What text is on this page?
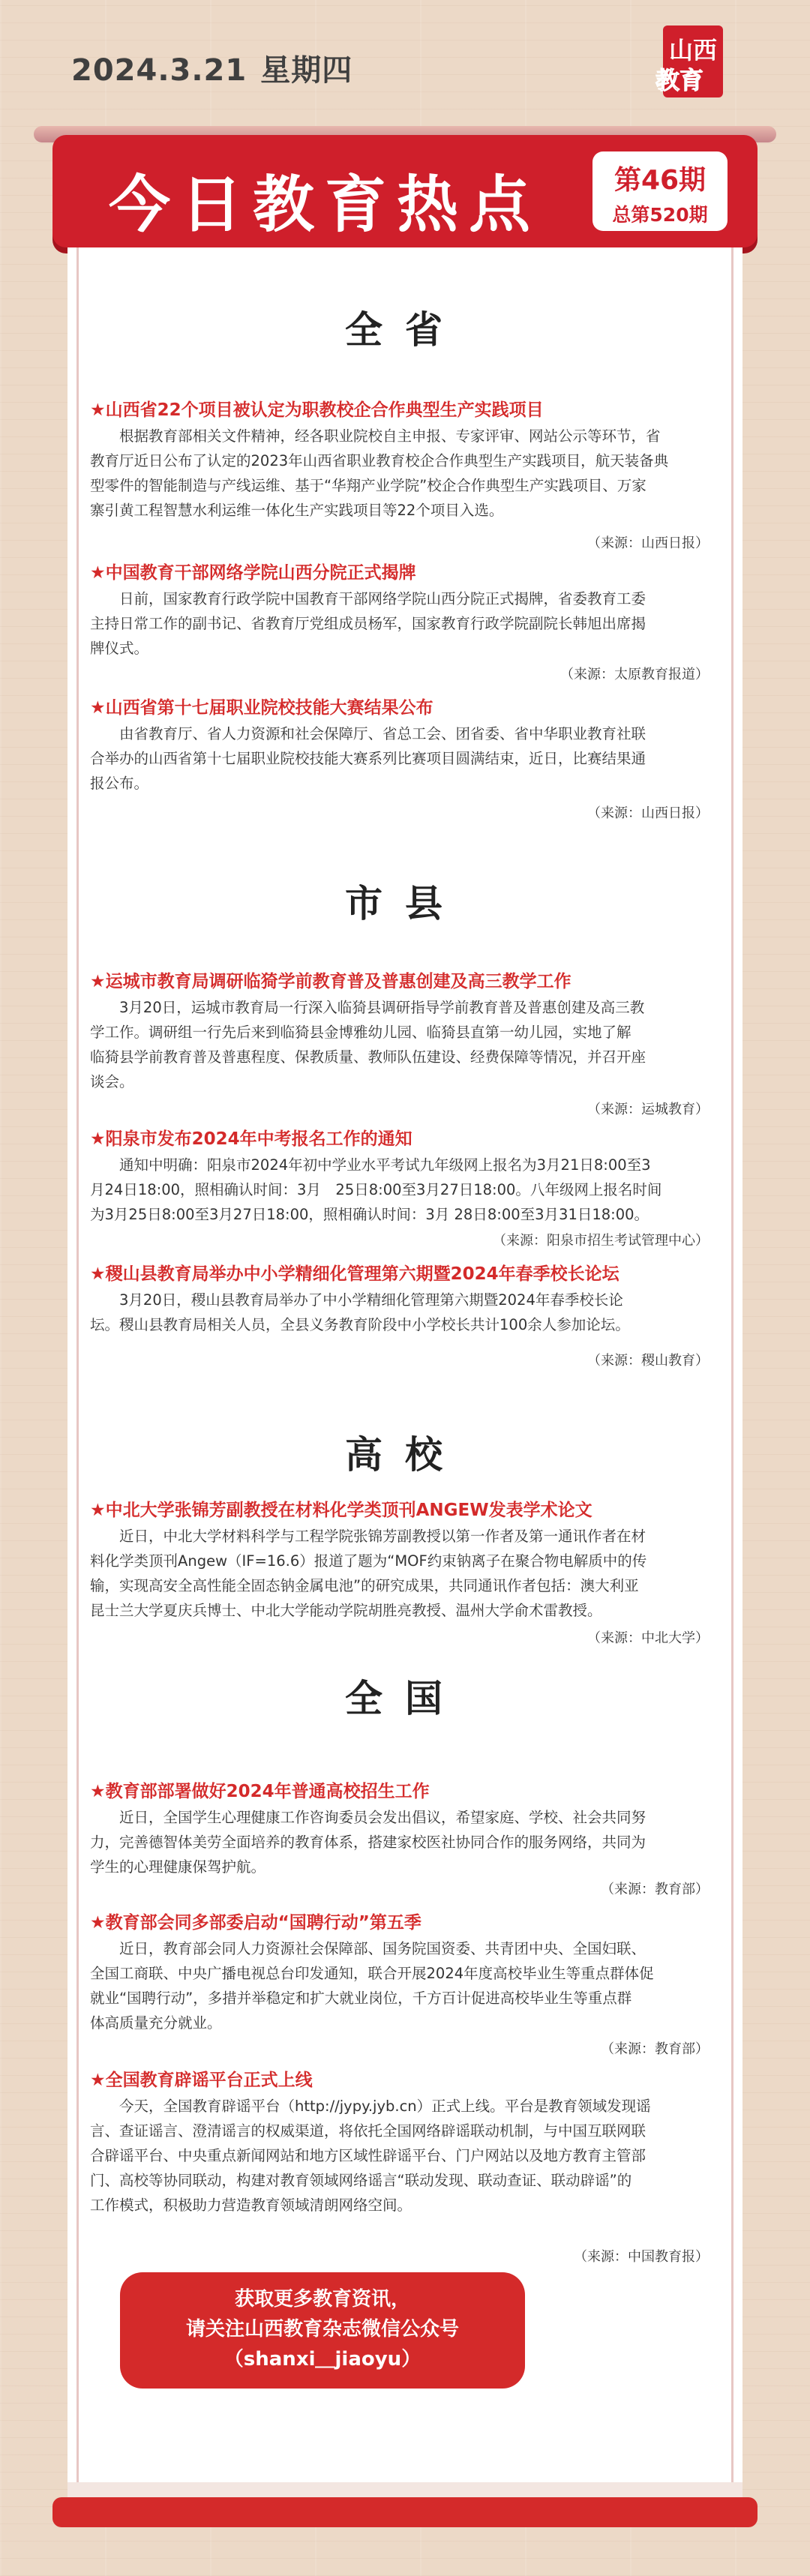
2024.3.21 星期四
山西
教育
今日教育热点	第46期
总第520期
全省
★山西省22个项目被认定为职教校企合作典型生产实践项目
根据教育部相关文件精神，经各职业院校自主申报、专家评审、网站公示等环节，省
教育厅近日公布了认定的2023年山西省职业教育校企合作典型生产实践项目，航天装备典
型零件的智能制造与产线运维、基于“华翔产业学院”校企合作典型生产实践项目、万家
寨引黄工程智慧水利运维一体化生产实践项目等22个项目入选。
（来源：山西日报）
★中国教育干部网络学院山西分院正式揭牌
日前，国家教育行政学院中国教育干部网络学院山西分院正式揭牌，省委教育工委
主持日常工作的副书记、省教育厅党组成员杨军，国家教育行政学院副院长韩旭出席揭
牌仪式。
（来源：太原教育报道）
★山西省第十七届职业院校技能大赛结果公布
由省教育厅、省人力资源和社会保障厅、省总工会、团省委、省中华职业教育社联
合举办的山西省第十七届职业院校技能大赛系列比赛项目圆满结束，近日，比赛结果通
报公布。
（来源：山西日报）
市县
★运城市教育局调研临猗学前教育普及普惠创建及高三教学工作
3月20日，运城市教育局一行深入临猗县调研指导学前教育普及普惠创建及高三教
学工作。调研组一行先后来到临猗县金博雅幼儿园、临猗县直第一幼儿园，实地了解
临猗县学前教育普及普惠程度、保教质量、教师队伍建设、经费保障等情况，并召开座
谈会。
（来源：运城教育）
★阳泉市发布2024年中考报名工作的通知
通知中明确：阳泉市2024年初中学业水平考试九年级网上报名为3月21日8:00至3
月24日18:00，照相确认时间：3月　25日8:00至3月27日18:00。八年级网上报名时间
为3月25日8:00至3月27日18:00，照相确认时间：3月 28日8:00至3月31日18:00。
（来源：阳泉市招生考试管理中心）
★稷山县教育局举办中小学精细化管理第六期暨2024年春季校长论坛
3月20日，稷山县教育局举办了中小学精细化管理第六期暨2024年春季校长论
坛。稷山县教育局相关人员，全县义务教育阶段中小学校长共计100余人参加论坛。
（来源：稷山教育）
高校
★中北大学张锦芳副教授在材料化学类顶刊ANGEW发表学术论文
近日，中北大学材料科学与工程学院张锦芳副教授以第一作者及第一通讯作者在材
料化学类顶刊Angew（IF=16.6）报道了题为“MOF约束钠离子在聚合物电解质中的传
输，实现高安全高性能全固态钠金属电池”的研究成果，共同通讯作者包括：澳大利亚
昆士兰大学夏庆兵博士、中北大学能动学院胡胜亮教授、温州大学俞术雷教授。
（来源：中北大学）
全国
★教育部部署做好2024年普通高校招生工作
近日，全国学生心理健康工作咨询委员会发出倡议，希望家庭、学校、社会共同努
力，完善德智体美劳全面培养的教育体系，搭建家校医社协同合作的服务网络，共同为
学生的心理健康保驾护航。
（来源：教育部）
★教育部会同多部委启动“国聘行动”第五季
近日，教育部会同人力资源社会保障部、国务院国资委、共青团中央、全国妇联、
全国工商联、中央广播电视总台印发通知，联合开展2024年度高校毕业生等重点群体促
就业“国聘行动”，多措并举稳定和扩大就业岗位，千方百计促进高校毕业生等重点群
体高质量充分就业。
（来源：教育部）
★全国教育辟谣平台正式上线
今天，全国教育辟谣平台（http://jypy.jyb.cn）正式上线。平台是教育领域发现谣
言、查证谣言、澄清谣言的权威渠道，将依托全国网络辟谣联动机制，与中国互联网联
合辟谣平台、中央重点新闻网站和地方区域性辟谣平台、门户网站以及地方教育主管部
门、高校等协同联动，构建对教育领域网络谣言“联动发现、联动查证、联动辟谣”的
工作模式，积极助力营造教育领域清朗网络空间。
（来源：中国教育报）
获取更多教育资讯，
请关注山西教育杂志微信公众号
（shanxi＿jiaoyu）
